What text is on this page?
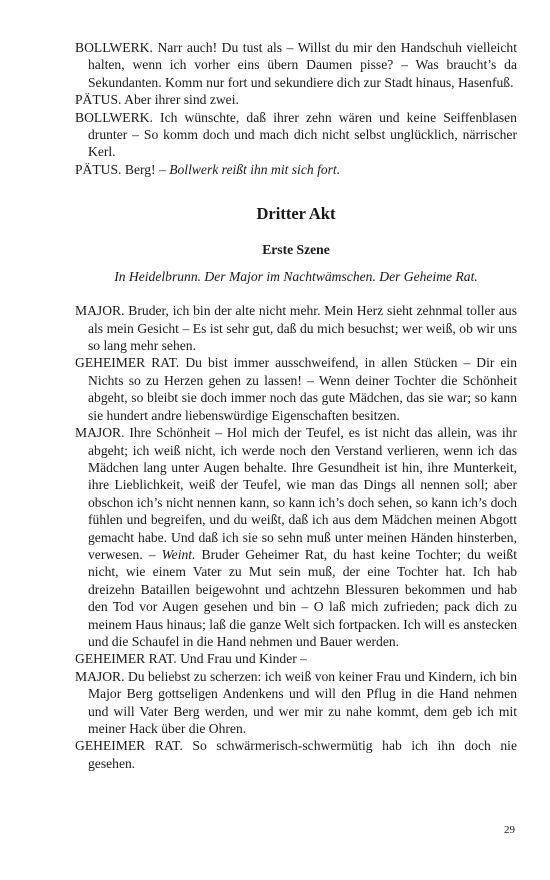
BOLLWERK. Narr auch! Du tust als – Willst du mir den Handschuh vielleicht halten, wenn ich vorher eins übern Daumen pisse? – Was braucht’s da Sekundanten. Komm nur fort und sekundiere dich zur Stadt hinaus, Hasenfuß.

PÄTUS. Aber ihrer sind zwei.

BOLLWERK. Ich wünschte, daß ihrer zehn wären und keine Seiffenblasen drunter – So komm doch und mach dich nicht selbst unglücklich, närrischer Kerl.

PÄTUS. Berg! – Bollwerk reißt ihn mit sich fort.

Dritter Akt
Erste Szene

In Heidelbrunn. Der Major im Nachtwämschen. Der Geheime Rat.

MAJOR. Bruder, ich bin der alte nicht mehr. Mein Herz sieht zehnmal toller aus als mein Gesicht – Es ist sehr gut, daß du mich besuchst; wer weiß, ob wir uns so lang mehr sehen.

GEHEIMER RAT. Du bist immer ausschweifend, in allen Stücken – Dir ein Nichts so zu Herzen gehen zu lassen! – Wenn deiner Tochter die Schönheit abgeht, so bleibt sie doch immer noch das gute Mädchen, das sie war; so kann sie hundert andre liebenswürdige Eigenschaften besitzen.

MAJOR. Ihre Schönheit – Hol mich der Teufel, es ist nicht das allein, was ihr abgeht; ich weiß nicht, ich werde noch den Verstand verlieren, wenn ich das Mädchen lang unter Augen behalte. Ihre Gesundheit ist hin, ihre Munterkeit, ihre Lieblichkeit, weiß der Teufel, wie man das Dings all nennen soll; aber obschon ich’s nicht nennen kann, so kann ich’s doch sehen, so kann ich’s doch fühlen und begreifen, und du weißt, daß ich aus dem Mädchen meinen Abgott gemacht habe. Und daß ich sie so sehn muß unter meinen Händen hinsterben, verwesen. – Weint. Bruder Geheimer Rat, du hast keine Tochter; du weißt nicht, wie einem Vater zu Mut sein muß, der eine Tochter hat. Ich hab dreizehn Bataillen beigewohnt und achtzehn Blessuren bekommen und hab den Tod vor Augen gesehen und bin – O laß mich zufrieden; pack dich zu meinem Haus hinaus; laß die ganze Welt sich fortpacken. Ich will es anstecken und die Schaufel in die Hand nehmen und Bauer werden.

GEHEIMER RAT. Und Frau und Kinder –

MAJOR. Du beliebst zu scherzen: ich weiß von keiner Frau und Kindern, ich bin Major Berg gottseligen Andenkens und will den Pflug in die Hand nehmen und will Vater Berg werden, und wer mir zu nahe kommt, dem geb ich mit meiner Hack über die Ohren.

GEHEIMER RAT. So schwärmerisch-schwermütig hab ich ihn doch nie gesehen.

29
